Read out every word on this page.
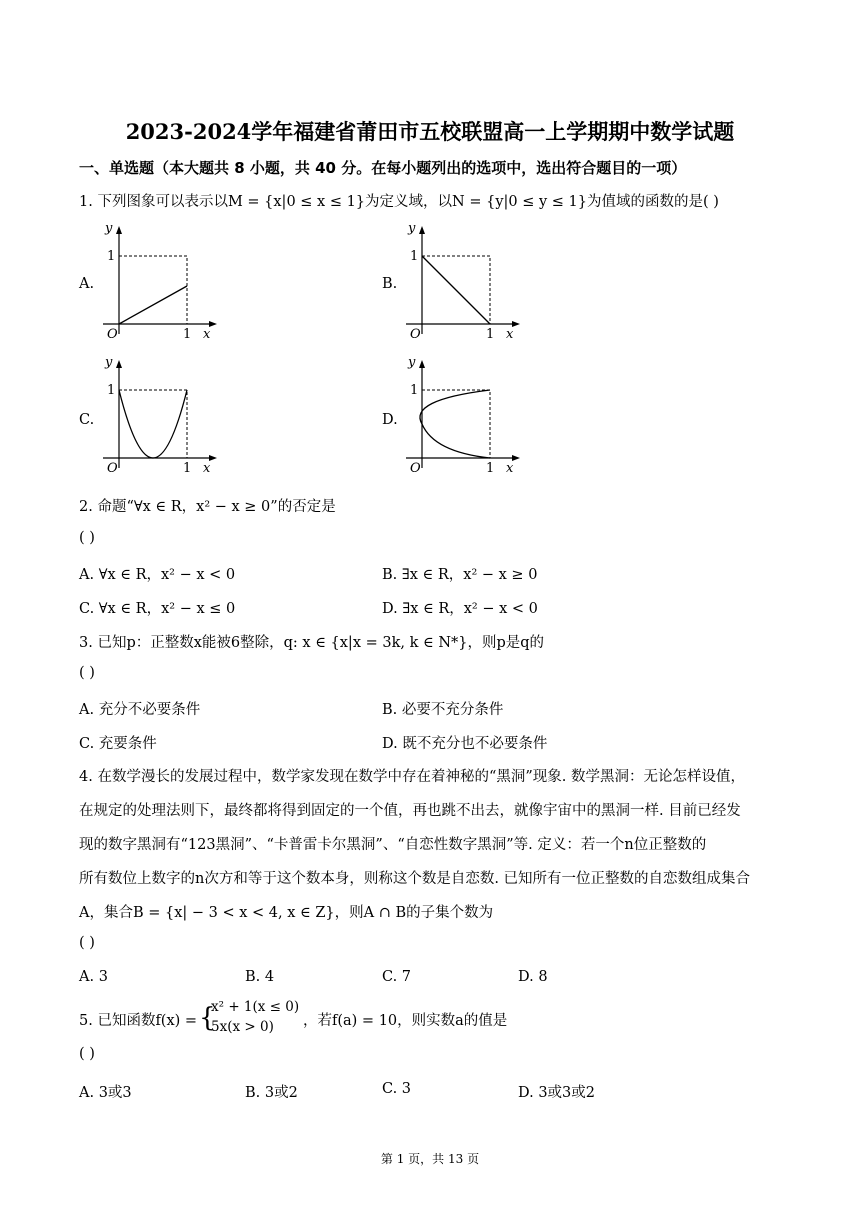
2023-2024学年福建省莆田市五校联盟高一上学期期中数学试题
一、单选题（本大题共 8 小题，共 40 分。在每小题列出的选项中，选出符合题目的一项）
1. 下列图象可以表示以M = {x|0 ≤ x ≤ 1}为定义域，以N = {y|0 ≤ y ≤ 1}为值域的函数的是( )
A.	B.
C.	D.
y
1
O	1 x
y
1
O	1 x
y
1
O	1 x
y
1
O	1 x
2. 命题“∀x ∈ R，x² − x ≥ 0”的否定是
( )
A. ∀x ∈ R，x² − x < 0	B. ∃x ∈ R，x² − x ≥ 0
C. ∀x ∈ R，x² − x ≤ 0	D. ∃x ∈ R，x² − x < 0
3. 已知p：正整数x能被6整除，q: x ∈ {x|x = 3k, k ∈ N*}，则p是q的
( )
A. 充分不必要条件	B. 必要不充分条件
C. 充要条件	D. 既不充分也不必要条件
4. 在数学漫长的发展过程中，数学家发现在数学中存在着神秘的“黑洞”现象. 数学黑洞：无论怎样设值，
在规定的处理法则下，最终都将得到固定的一个值，再也跳不出去，就像宇宙中的黑洞一样. 目前已经发
现的数字黑洞有“123黑洞”、“卡普雷卡尔黑洞”、“自恋性数字黑洞”等. 定义：若一个n位正整数的
所有数位上数字的n次方和等于这个数本身，则称这个数是自恋数. 已知所有一位正整数的自恋数组成集合
A，集合B = {x| − 3 < x < 4, x ∈ Z}，则A ∩ B的子集个数为
( )
A. 3	B. 4	C. 7	D. 8
5. 已知函数f(x) = {
x² + 1(x ≤ 0)
5x(x > 0) ，若f(a) = 10，则实数a的值是
( )
A. 3或3	B. 3或2	C. 3	D. 3或3或2
第 1 页，共 13 页
